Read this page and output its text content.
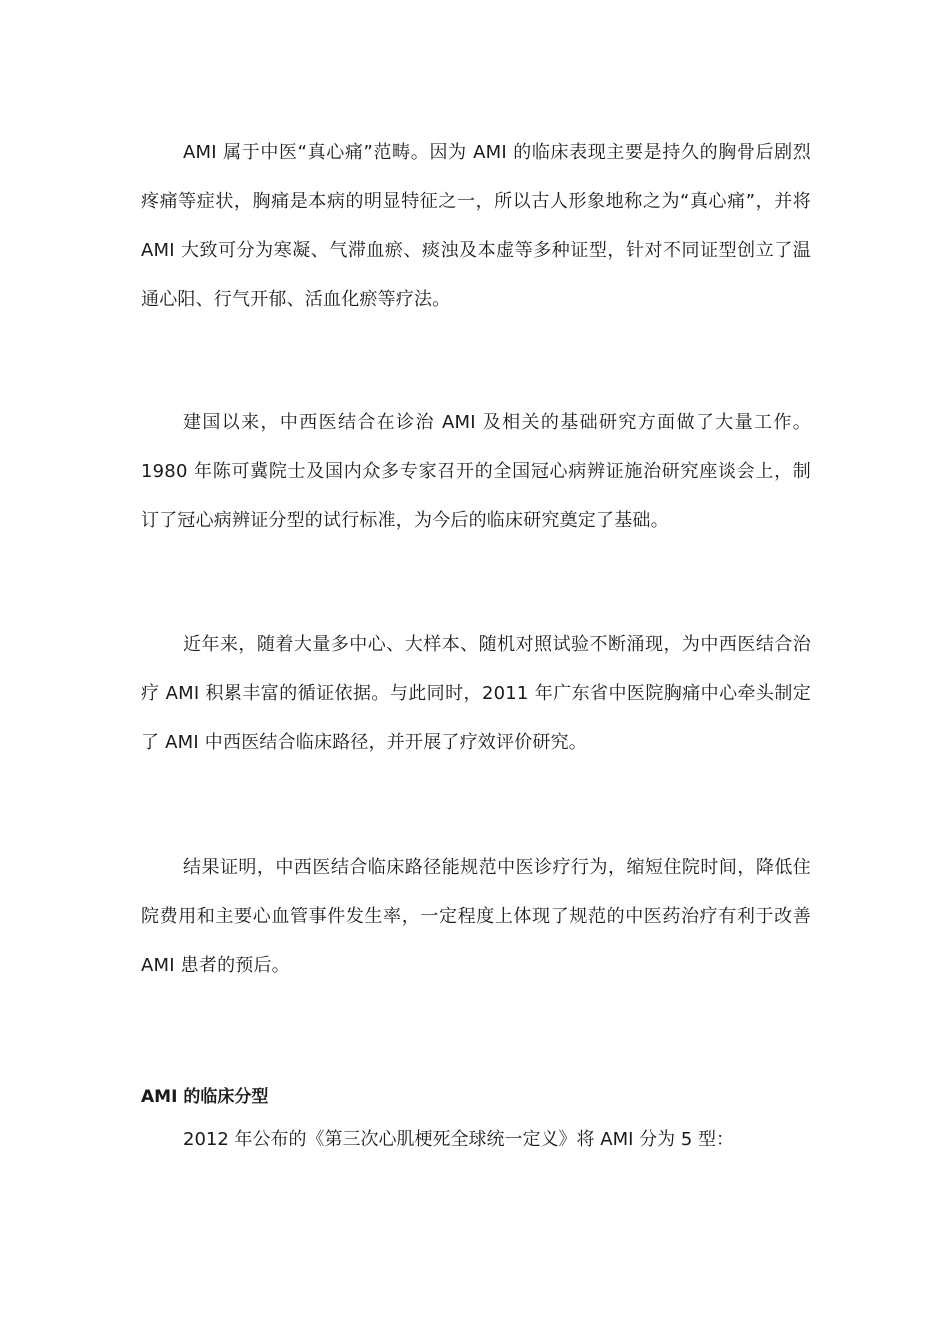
AMI 属于中医“真心痛”范畴。因为 AMI 的临床表现主要是持久的胸骨后剧烈疼痛等症状，胸痛是本病的明显特征之一，所以古人形象地称之为“真心痛”，并将 AMI 大致可分为寒凝、气滞血瘀、痰浊及本虚等多种证型，针对不同证型创立了温通心阳、行气开郁、活血化瘀等疗法。

建国以来，中西医结合在诊治 AMI 及相关的基础研究方面做了大量工作。1980 年陈可冀院士及国内众多专家召开的全国冠心病辨证施治研究座谈会上，制订了冠心病辨证分型的试行标准，为今后的临床研究奠定了基础。

近年来，随着大量多中心、大样本、随机对照试验不断涌现，为中西医结合治疗 AMI 积累丰富的循证依据。与此同时，2011 年广东省中医院胸痛中心牵头制定了 AMI 中西医结合临床路径，并开展了疗效评价研究。

结果证明，中西医结合临床路径能规范中医诊疗行为，缩短住院时间，降低住院费用和主要心血管事件发生率，一定程度上体现了规范的中医药治疗有利于改善 AMI 患者的预后。

AMI 的临床分型

2012 年公布的《第三次心肌梗死全球统一定义》将 AMI 分为 5 型：
